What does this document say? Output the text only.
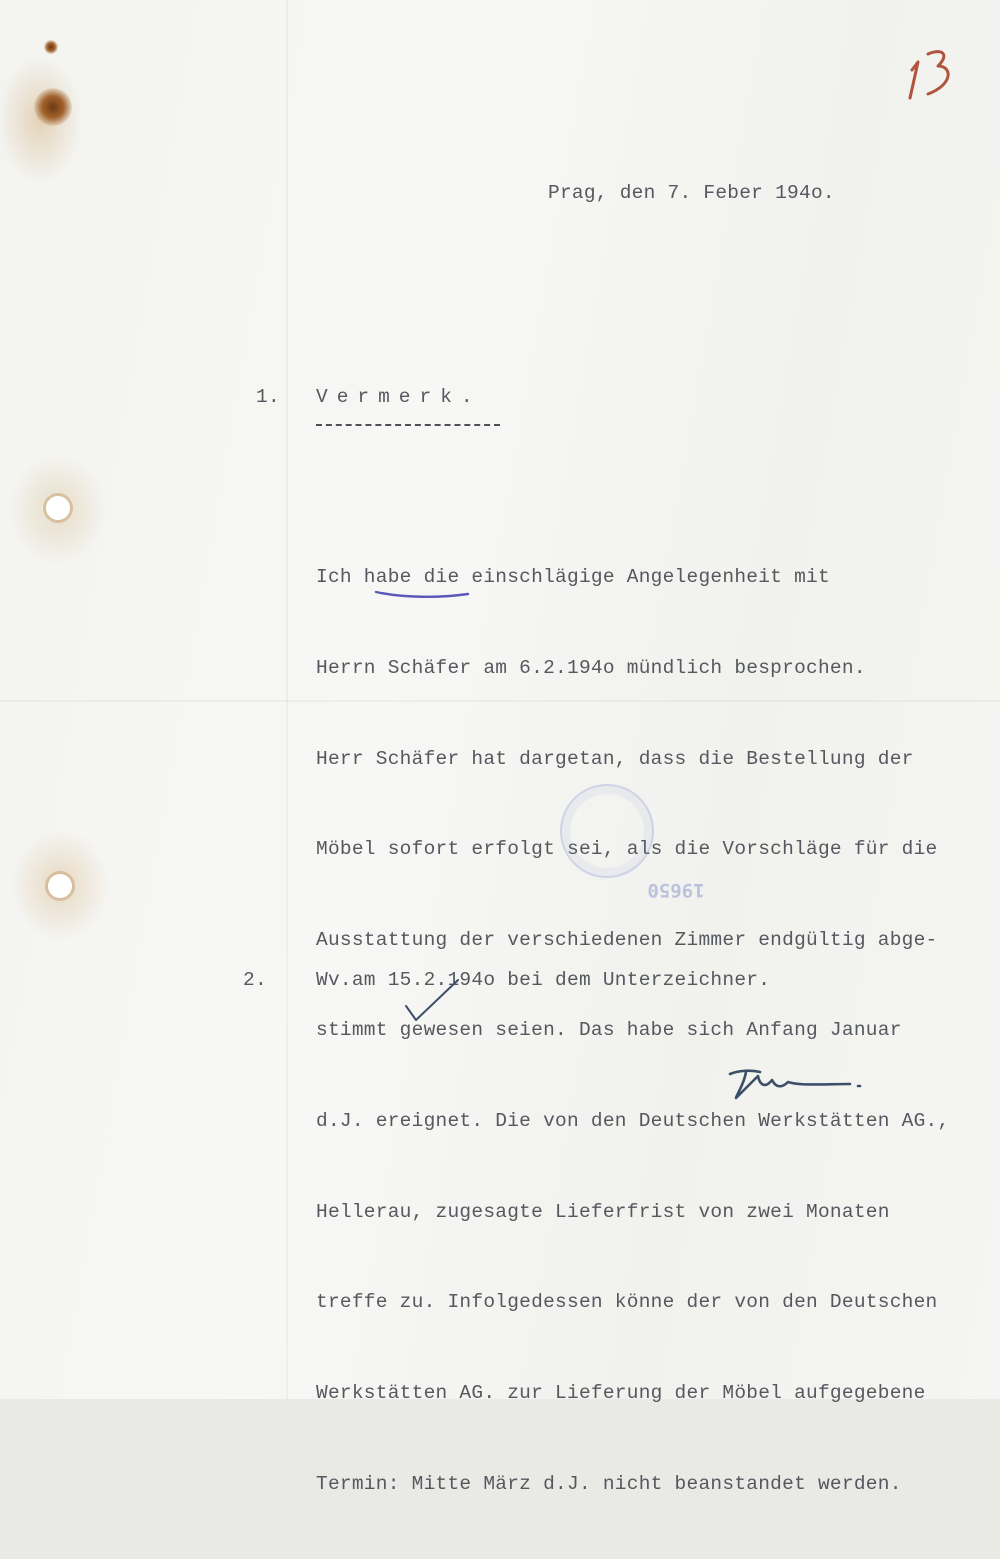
Prag, den 7. Feber 194o.

1. Vermerk.

Ich habe die einschlägige Angelegenheit mit

Herrn Schäfer am 6.2.194o mündlich besprochen.

Herr Schäfer hat dargetan, dass die Bestellung der

Möbel sofort erfolgt sei, als die Vorschläge für die

Ausstattung der verschiedenen Zimmer endgültig abge-

stimmt gewesen seien. Das habe sich Anfang Januar

d.J. ereignet. Die von den Deutschen Werkstätten AG.,

Hellerau, zugesagte Lieferfrist von zwei Monaten

treffe zu. Infolgedessen könne der von den Deutschen

Werkstätten AG. zur Lieferung der Möbel aufgegebene

Termin: Mitte März d.J. nicht beanstandet werden.

19650

2.	Wv.am 15.2.194o bei dem Unterzeichner.
